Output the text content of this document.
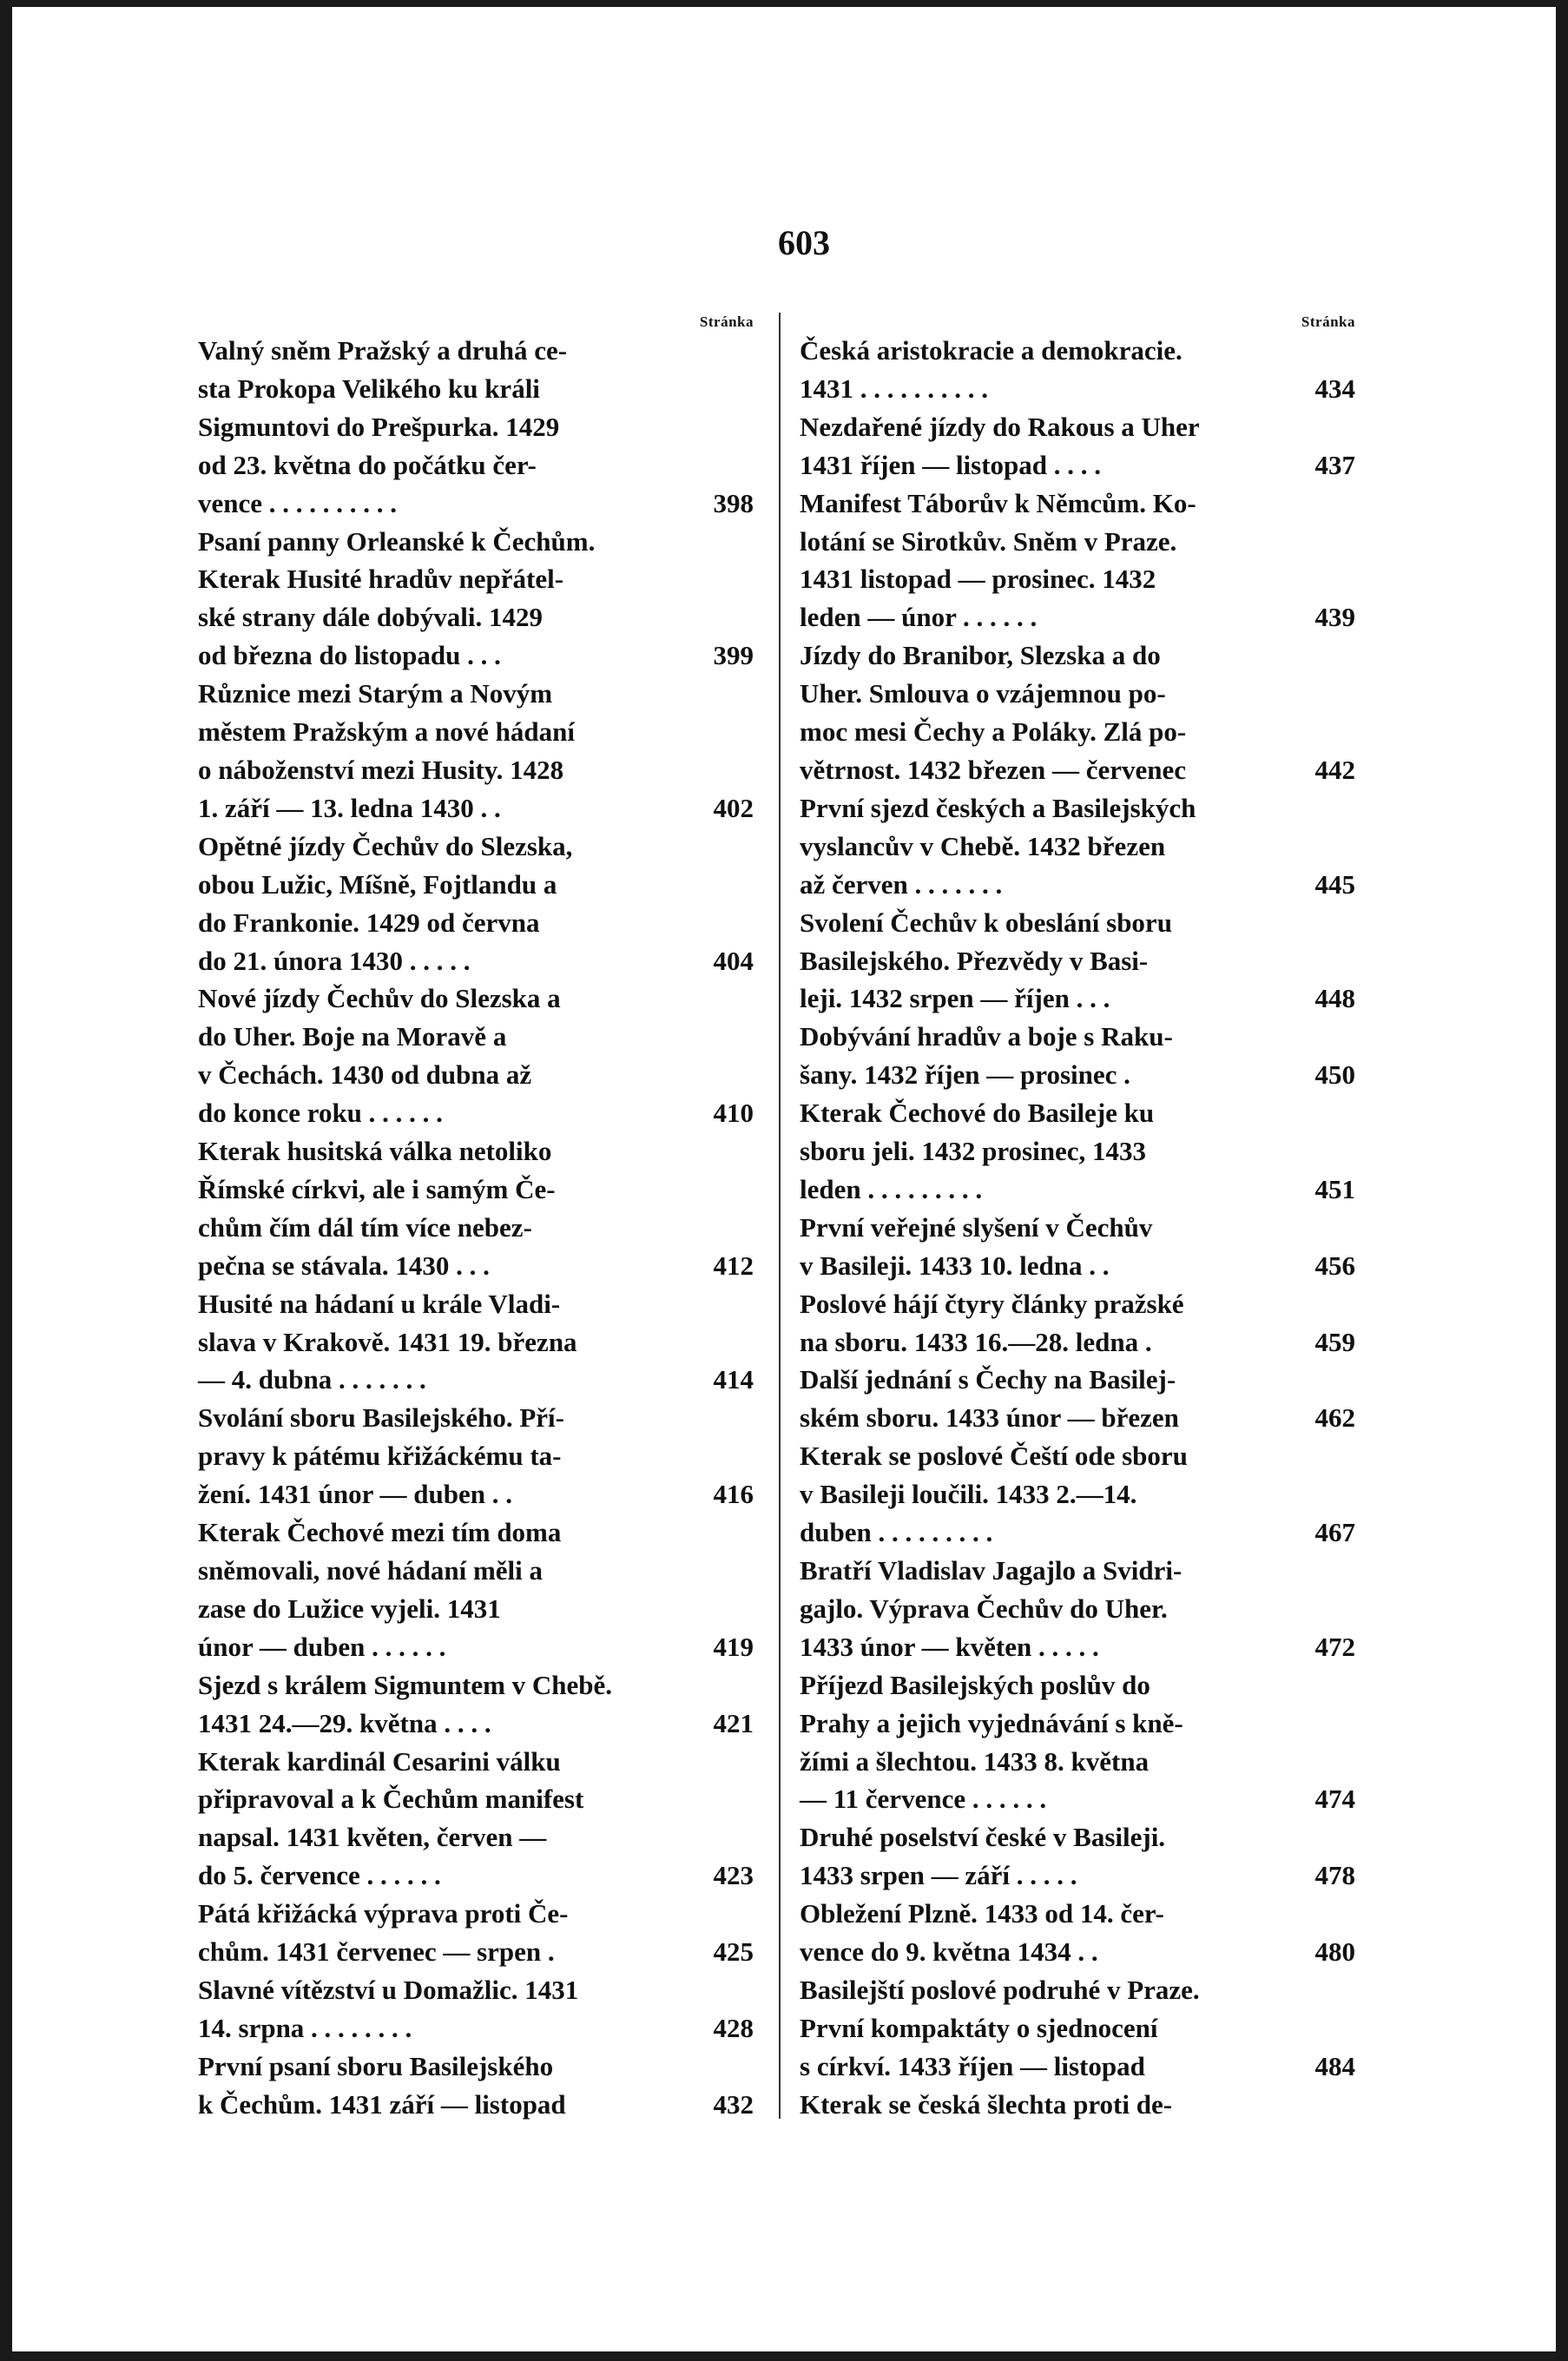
603
Stránka
Valný sněm Pražský a druhá ce-
sta Prokopa Velikého ku králi
Sigmuntovi do Prešpurka. 1429
od 23. května do počátku čer-
vence . . . . . . . . . .	398
Psaní panny Orleanské k Čechům.
Kterak Husité hradův nepřátel-
ské strany dále dobývali. 1429
od března do listopadu . . .	399
Různice mezi Starým a Novým
městem Pražským a nové hádaní
o náboženství mezi Husity. 1428
1. září — 13. ledna 1430 . .	402
Opětné jízdy Čechův do Slezska,
obou Lužic, Míšně, Fojtlandu a
do Frankonie. 1429 od června
do 21. února 1430 . . . . .	404
Nové jízdy Čechův do Slezska a
do Uher. Boje na Moravě a
v Čechách. 1430 od dubna až
do konce roku . . . . . .	410
Kterak husitská válka netoliko
Římské církvi, ale i samým Če-
chům čím dál tím více nebez-
pečna se stávala. 1430 . . .	412
Husité na hádaní u krále Vladi-
slava v Krakově. 1431 19. března
— 4. dubna . . . . . . .	414
Svolání sboru Basilejského. Pří-
pravy k pátému křižáckému ta-
žení. 1431 únor — duben . .	416
Kterak Čechové mezi tím doma
sněmovali, nové hádaní měli a
zase do Lužice vyjeli. 1431
únor — duben . . . . . .	419
Sjezd s králem Sigmuntem v Chebě.
1431 24.—29. května . . . .	421
Kterak kardinál Cesarini válku
připravoval a k Čechům manifest
napsal. 1431 květen, červen —
do 5. července . . . . . .	423
Pátá křižácká výprava proti Če-
chům. 1431 červenec — srpen .	425
Slavné vítězství u Domažlic. 1431
14. srpna . . . . . . . .	428
První psaní sboru Basilejského
k Čechům. 1431 září — listopad	432
Stránka
Česká aristokracie a demokracie.
1431 . . . . . . . . . .	434
Nezdařené jízdy do Rakous a Uher
1431 říjen — listopad . . . .	437
Manifest Táborův k Němcům. Ko-
lotání se Sirotkův. Sněm v Praze.
1431 listopad — prosinec. 1432
leden — únor . . . . . .	439
Jízdy do Branibor, Slezska a do
Uher. Smlouva o vzájemnou po-
moc mesi Čechy a Poláky. Zlá po-
větrnost. 1432 březen — červenec	442
První sjezd českých a Basilejských
vyslancův v Chebě. 1432 březen
až červen . . . . . . .	445
Svolení Čechův k obeslání sboru
Basilejského. Přezvědy v Basi-
leji. 1432 srpen — říjen . . .	448
Dobývání hradův a boje s Raku-
šany. 1432 říjen — prosinec .	450
Kterak Čechové do Basileje ku
sboru jeli. 1432 prosinec, 1433
leden . . . . . . . . .	451
První veřejné slyšení v Čechův
v Basileji. 1433 10. ledna . .	456
Poslové hájí čtyry články pražské
na sboru. 1433 16.—28. ledna .	459
Další jednání s Čechy na Basilej-
ském sboru. 1433 únor — březen	462
Kterak se poslové Čeští ode sboru
v Basileji loučili. 1433 2.—14.
duben . . . . . . . . .	467
Bratří Vladislav Jagajlo a Svidri-
gajlo. Výprava Čechův do Uher.
1433 únor — květen . . . . .	472
Příjezd Basilejských poslův do
Prahy a jejich vyjednávání s kně-
žími a šlechtou. 1433 8. května
— 11 července . . . . . .	474
Druhé poselství české v Basileji.
1433 srpen — září . . . . .	478
Obležení Plzně. 1433 od 14. čer-
vence do 9. května 1434 . .	480
Basilejští poslové podruhé v Praze.
První kompaktáty o sjednocení
s církví. 1433 říjen — listopad	484
Kterak se česká šlechta proti de-
